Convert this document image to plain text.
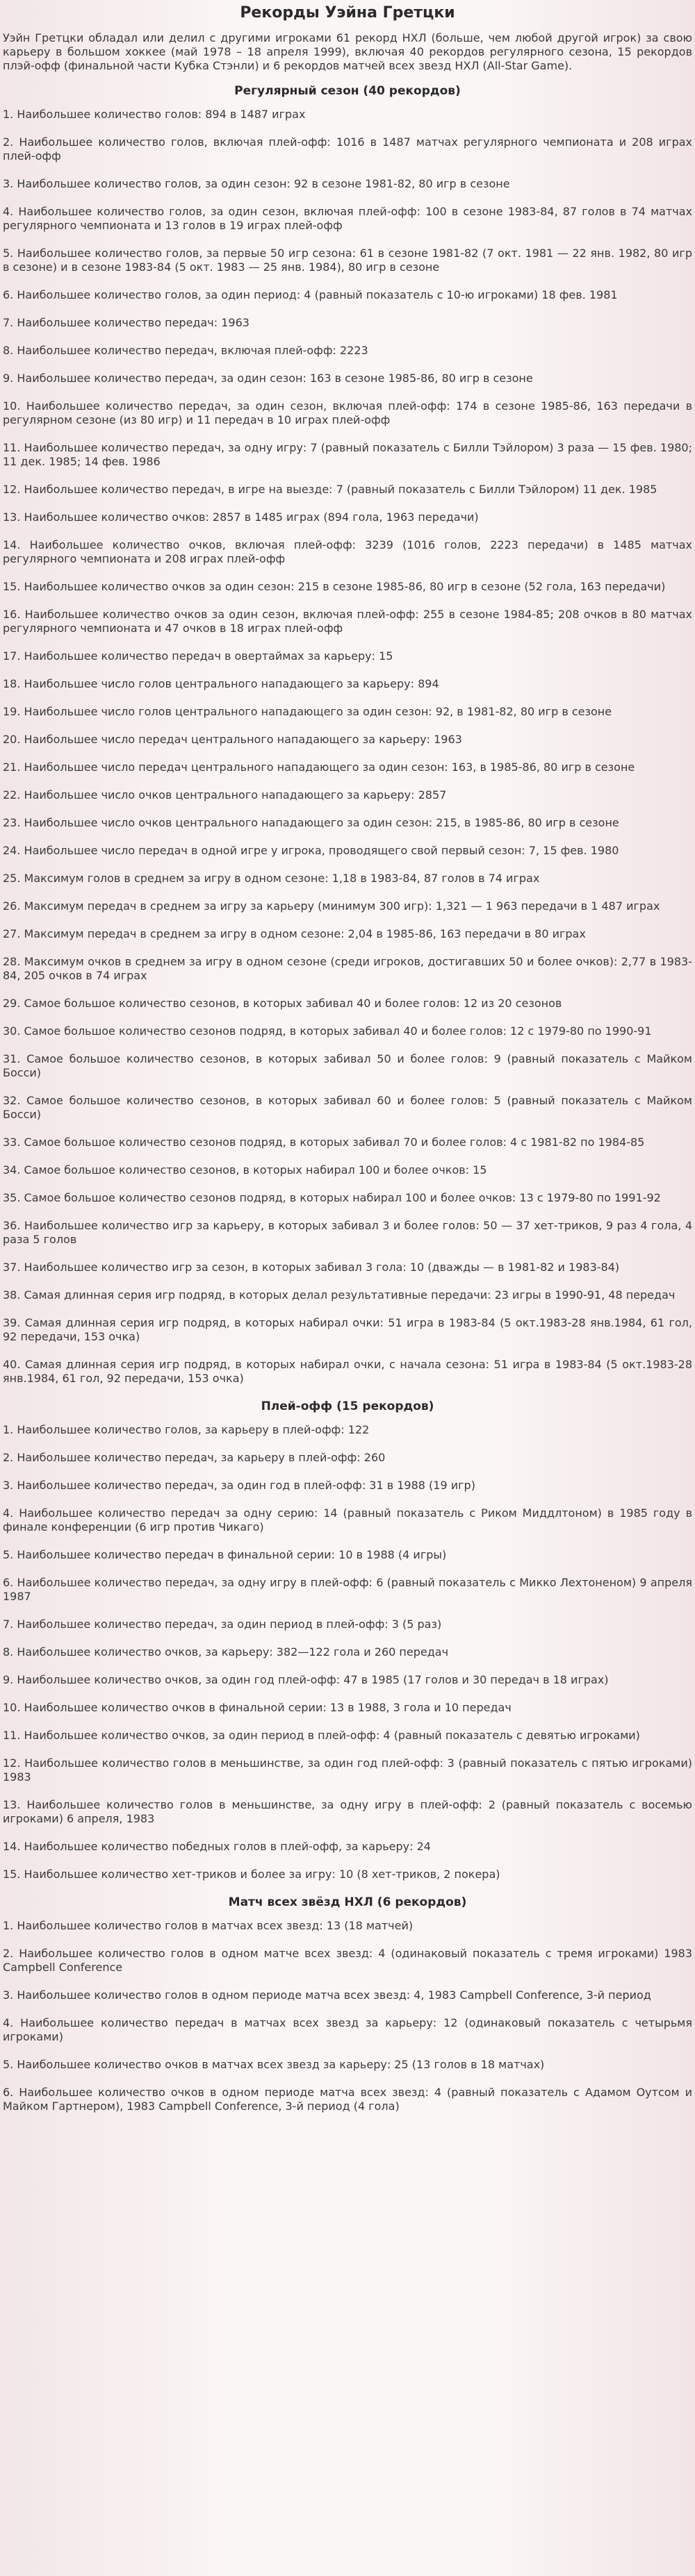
Рекорды Уэйна Гретцки

Уэйн Гретцки обладал или делил с другими игроками 61 рекорд НХЛ (больше, чем любой другой игрок) за свою карьеру в большом хоккее (май 1978 – 18 апреля 1999), включая 40 рекордов регулярного сезона, 15 рекордов плэй-офф (финальной части Кубка Стэнли) и 6 рекордов матчей всех звезд НХЛ (All-Star Game).

Регулярный сезон (40 рекордов)

1. Наибольшее количество голов: 894 в 1487 играх

2. Наибольшее количество голов, включая плей-офф: 1016 в 1487 матчах регулярного чемпионата и 208 играх плей-офф

3. Наибольшее количество голов, за один сезон: 92 в сезоне 1981-82, 80 игр в сезоне

4. Наибольшее количество голов, за один сезон, включая плей-офф: 100 в сезоне 1983-84, 87 голов в 74 матчах регулярного чемпионата и 13 голов в 19 играх плей-офф

5. Наибольшее количество голов, за первые 50 игр сезона: 61 в сезоне 1981-82 (7 окт. 1981 — 22 янв. 1982, 80 игр в сезоне) и в сезоне 1983-84 (5 окт. 1983 — 25 янв. 1984), 80 игр в сезоне

6. Наибольшее количество голов, за один период: 4 (равный показатель с 10-ю игроками) 18 фев. 1981

7. Наибольшее количество передач: 1963

8. Наибольшее количество передач, включая плей-офф: 2223

9. Наибольшее количество передач, за один сезон: 163 в сезоне 1985-86, 80 игр в сезоне

10. Наибольшее количество передач, за один сезон, включая плей-офф: 174 в сезоне 1985-86, 163 передачи в регулярном сезоне (из 80 игр) и 11 передач в 10 играх плей-офф

11. Наибольшее количество передач, за одну игру: 7 (равный показатель с Билли Тэйлором) 3 раза — 15 фев. 1980; 11 дек. 1985; 14 фев. 1986

12. Наибольшее количество передач, в игре на выезде: 7 (равный показатель с Билли Тэйлором) 11 дек. 1985

13. Наибольшее количество очков: 2857 в 1485 играх (894 гола, 1963 передачи)

14. Наибольшее количество очков, включая плей-офф: 3239 (1016 голов, 2223 передачи) в 1485 матчах регулярного чемпионата и 208 играх плей-офф

15. Наибольшее количество очков за один сезон: 215 в сезоне 1985-86, 80 игр в сезоне (52 гола, 163 передачи)

16. Наибольшее количество очков за один сезон, включая плей-офф: 255 в сезоне 1984-85; 208 очков в 80 матчах регулярного чемпионата и 47 очков в 18 играх плей-офф

17. Наибольшее количество передач в овертаймах за карьеру: 15

18. Наибольшее число голов центрального нападающего за карьеру: 894

19. Наибольшее число голов центрального нападающего за один сезон: 92, в 1981-82, 80 игр в сезоне

20. Наибольшее число передач центрального нападающего за карьеру: 1963

21. Наибольшее число передач центрального нападающего за один сезон: 163, в 1985-86, 80 игр в сезоне

22. Наибольшее число очков центрального нападающего за карьеру: 2857

23. Наибольшее число очков центрального нападающего за один сезон: 215, в 1985-86, 80 игр в сезоне

24. Наибольшее число передач в одной игре у игрока, проводящего свой первый сезон: 7, 15 фев. 1980

25. Максимум голов в среднем за игру в одном сезоне: 1,18 в 1983-84, 87 голов в 74 играх

26. Максимум передач в среднем за игру за карьеру (минимум 300 игр): 1,321 — 1 963 передачи в 1 487 играх

27. Максимум передач в среднем за игру в одном сезоне: 2,04 в 1985-86, 163 передачи в 80 играх

28. Максимум очков в среднем за игру в одном сезоне (среди игроков, достигавших 50 и более очков): 2,77 в 1983-84, 205 очков в 74 играх

29. Самое большое количество сезонов, в которых забивал 40 и более голов: 12 из 20 сезонов

30. Самое большое количество сезонов подряд, в которых забивал 40 и более голов: 12 с 1979-80 по 1990-91

31. Самое большое количество сезонов, в которых забивал 50 и более голов: 9 (равный показатель с Майком Босси)

32. Самое большое количество сезонов, в которых забивал 60 и более голов: 5 (равный показатель с Майком Босси)

33. Самое большое количество сезонов подряд, в которых забивал 70 и более голов: 4 с 1981-82 по 1984-85

34. Самое большое количество сезонов, в которых набирал 100 и более очков: 15

35. Самое большое количество сезонов подряд, в которых набирал 100 и более очков: 13 с 1979-80 по 1991-92

36. Наибольшее количество игр за карьеру, в которых забивал 3 и более голов: 50 — 37 хет-триков, 9 раз 4 гола, 4 раза 5 голов

37. Наибольшее количество игр за сезон, в которых забивал 3 гола: 10 (дважды — в 1981-82 и 1983-84)

38. Самая длинная серия игр подряд, в которых делал результативные передачи: 23 игры в 1990-91, 48 передач

39. Самая длинная серия игр подряд, в которых набирал очки: 51 игра в 1983-84 (5 окт.1983-28 янв.1984, 61 гол, 92 передачи, 153 очка)

40. Самая длинная серия игр подряд, в которых набирал очки, с начала сезона: 51 игра в 1983-84 (5 окт.1983-28 янв.1984, 61 гол, 92 передачи, 153 очка)

Плей-офф (15 рекордов)

1. Наибольшее количество голов, за карьеру в плей-офф: 122

2. Наибольшее количество передач, за карьеру в плей-офф: 260

3. Наибольшее количество передач, за один год в плей-офф: 31 в 1988 (19 игр)

4. Наибольшее количество передач за одну серию: 14 (равный показатель с Риком Миддлтоном) в 1985 году в финале конференции (6 игр против Чикаго)

5. Наибольшее количество передач в финальной серии: 10 в 1988 (4 игры)

6. Наибольшее количество передач, за одну игру в плей-офф: 6 (равный показатель с Микко Лехтоненом) 9 апреля 1987

7. Наибольшее количество передач, за один период в плей-офф: 3 (5 раз)

8. Наибольшее количество очков, за карьеру: 382—122 гола и 260 передач

9. Наибольшее количество очков, за один год плей-офф: 47 в 1985 (17 голов и 30 передач в 18 играх)

10. Наибольшее количество очков в финальной серии: 13 в 1988, 3 гола и 10 передач

11. Наибольшее количество очков, за один период в плей-офф: 4 (равный показатель с девятью игроками)

12. Наибольшее количество голов в меньшинстве, за один год плей-офф: 3 (равный показатель с пятью игроками) 1983

13. Наибольшее количество голов в меньшинстве, за одну игру в плей-офф: 2 (равный показатель с восемью игроками) 6 апреля, 1983

14. Наибольшее количество победных голов в плей-офф, за карьеру: 24

15. Наибольшее количество хет-триков и более за игру: 10 (8 хет-триков, 2 покера)

Матч всех звёзд НХЛ (6 рекордов)

1. Наибольшее количество голов в матчах всех звезд: 13 (18 матчей)

2. Наибольшее количество голов в одном матче всех звезд: 4 (одинаковый показатель с тремя игроками) 1983 Campbell Conference

3. Наибольшее количество голов в одном периоде матча всех звезд: 4, 1983 Campbell Conference, 3-й период

4. Наибольшее количество передач в матчах всех звезд за карьеру: 12 (одинаковый показатель с четырьмя игроками)

5. Наибольшее количество очков в матчах всех звезд за карьеру: 25 (13 голов в 18 матчах)

6. Наибольшее количество очков в одном периоде матча всех звезд: 4 (равный показатель с Адамом Оутсом и Майком Гартнером), 1983 Campbell Conference, 3-й период (4 гола)
